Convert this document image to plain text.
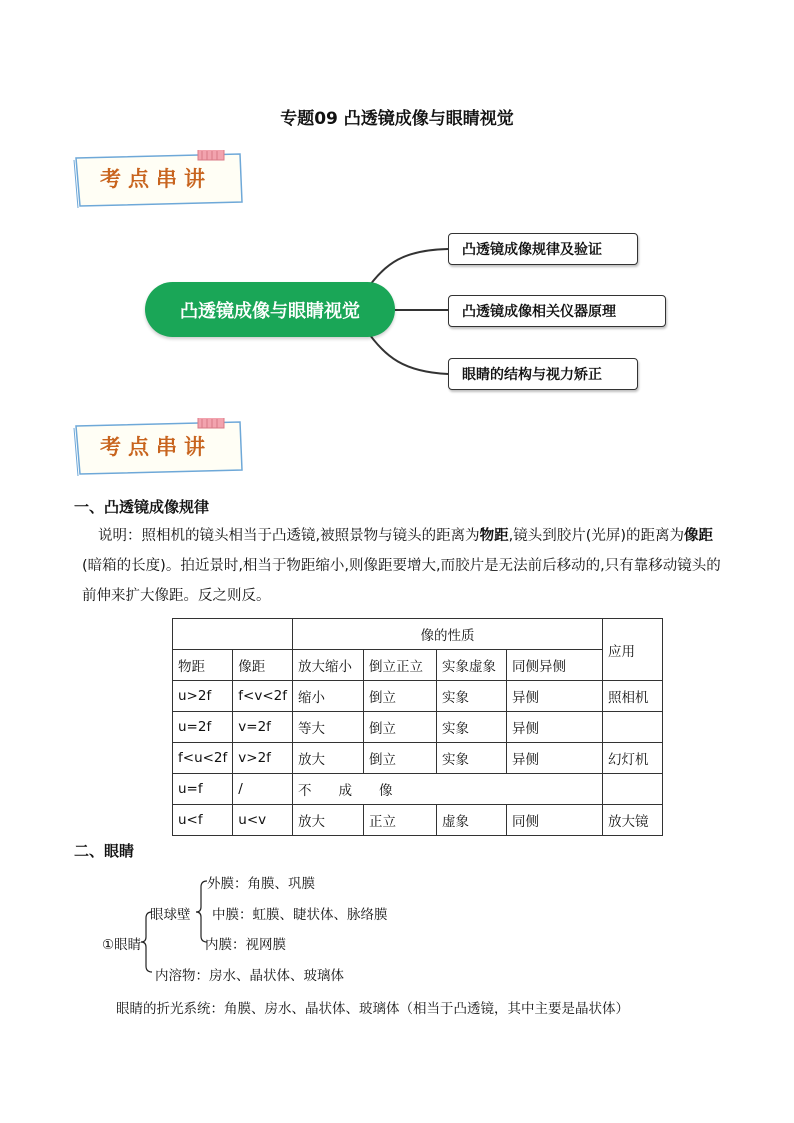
专题09 凸透镜成像与眼睛视觉
考点串讲
凸透镜成像与眼睛视觉
凸透镜成像规律及验证
凸透镜成像相关仪器原理
眼睛的结构与视力矫正
考点串讲
一、凸透镜成像规律
说明：照相机的镜头相当于凸透镜,被照景物与镜头的距离为物距,镜头到胶片(光屏)的距离为像距(暗箱的长度)。拍近景时,相当于物距缩小,则像距要增大,而胶片是无法前后移动的,只有靠移动镜头的前伸来扩大像距。反之则反。
		像的性质				应用
物距	像距	放大缩小	倒立正立	实象虚象	同侧异侧	
u>2f	f<v<2f	缩小	倒立	实象	异侧	照相机
u=2f	v=2f	等大	倒立	实象	异侧	
f<u<2f	v>2f	放大	倒立	实象	异侧	幻灯机
u=f	/	不　　成　　像				
u<f	u<v	放大	正立	虚象	同侧	放大镜
二、眼睛
①眼睛
眼球壁
外膜：角膜、巩膜
中膜：虹膜、睫状体、脉络膜
内膜：视网膜
内溶物：房水、晶状体、玻璃体
眼睛的折光系统：角膜、房水、晶状体、玻璃体（相当于凸透镜，其中主要是晶状体）
